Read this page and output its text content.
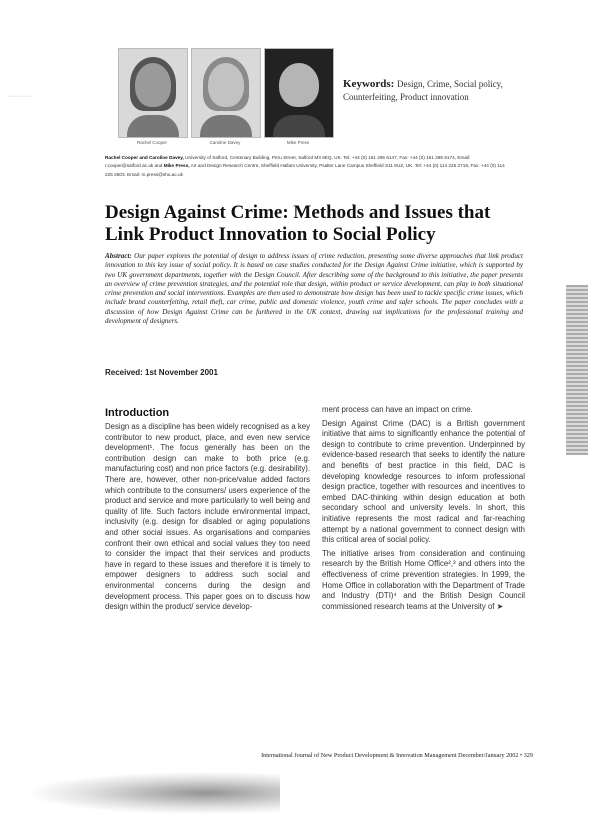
········
Rachel Cooper	Caroline Davey	Mike Press
Keywords: Design, Crime, Social policy,
Counterfeiting, Product innovation
Rachel Cooper and Caroline Davey, University of Salford, Centenary Building, Peru Street, Salford M3 6EQ, UK. Tel: +44 (0) 161 295 6147, Fax: +44 (0) 161 295 6174, Email: r.cooper@salford.ac.uk and Mike Press, Art and Design Research Centre, Sheffield Hallam University, Psalter Lane Campus Sheffield S11 8UZ, UK. Tel: +44 (0) 114 225 2719, Fax: +44 (0) 114 225 2603. Email: m.press@shu.ac.uk
Design Against Crime: Methods and Issues that Link Product Innovation to Social Policy

Abstract: Our paper explores the potential of design to address issues of crime reduction, presenting some diverse approaches that link product innovation to this key issue of social policy. It is based on case studies conducted for the Design Against Crime initiative, which is supported by two UK government departments, together with the Design Council. After describing some of the background to this initiative, the paper presents an overview of crime prevention strategies, and the potential role that design, within product or service development, can play in both situational crime prevention and social interventions. Examples are then used to demonstrate how design has been used to tackle specific crime issues, which include brand counterfeiting, retail theft, car crime, public and domestic violence, youth crime and safer schools. The paper concludes with a discussion of how Design Against Crime can be furthered in the UK context, drawing out implications for the professional training and development of designers.

Received: 1st November 2001
Introduction

Design as a discipline has been widely recognised as a key contributor to new product, place, and even new service development¹. The focus generally has been on the contribution design can make to both price (e.g. manufacturing cost) and non price factors (e.g. desirability). There are, however, other non-price/value added factors which contribute to the consumers/ users experience of the product and service and more particularly to well being and quality of life. Such factors include environmental impact, inclusivity (e.g. design for disabled or aging populations and other social issues. As organisations and companies confront their own ethical and social values they too need to consider the impact that their services and products have in regard to these issues and therefore it is timely to empower designers to address such social and environmental concerns during the design and development process. This paper goes on to discuss how design within the product/ service develop-

ment process can have an impact on crime.

Design Against Crime (DAC) is a British government initiative that aims to significantly enhance the potential of design to contribute to crime prevention. Underpinned by evidence-based research that seeks to identify the nature and benefits of best practice in this field, DAC is developing knowledge resources to inform professional design practice, together with resources and incentives to embed DAC-thinking within design education at both secondary school and university levels. In short, this initiative represents the most radical and far-reaching attempt by a national government to connect design with this critical area of social policy.

The initiative arises from consideration and continuing research by the British Home Office²,³ and others into the effectiveness of crime prevention strategies. In 1999, the Home Office in collaboration with the Department of Trade and Industry (DTI)⁴ and the British Design Council commissioned research teams at the University of ➤

International Journal of New Product Development & Innovation Management December/January 2002 • 329
